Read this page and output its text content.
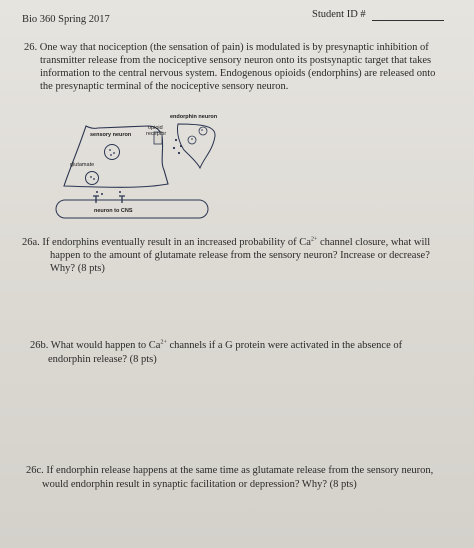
Bio 360 Spring 2017	Student ID #
26. One way that nociception (the sensation of pain) is modulated is by presynaptic inhibition of
transmitter release from the nociceptive sensory neuron onto its postsynaptic target that takes
information to the central nervous system. Endogenous opioids (endorphins) are released onto
the presynaptic terminal of the nociceptive sensory neuron.
endorphin neuron
sensory neuron
opioid
receptor
glutamate
neuron to CNS
26a. If endorphins eventually result in an increased probability of $Ca^{2+}$ channel closure, what will
happen to the amount of glutamate release from the sensory neuron? Increase or decrease?
Why? (8 pts)
26b. What would happen to $Ca^{2+}$ channels if a G protein were activated in the absence of
endorphin release? (8 pts)
26c. If endorphin release happens at the same time as glutamate release from the sensory neuron,
would endorphin result in synaptic facilitation or depression? Why? (8 pts)
